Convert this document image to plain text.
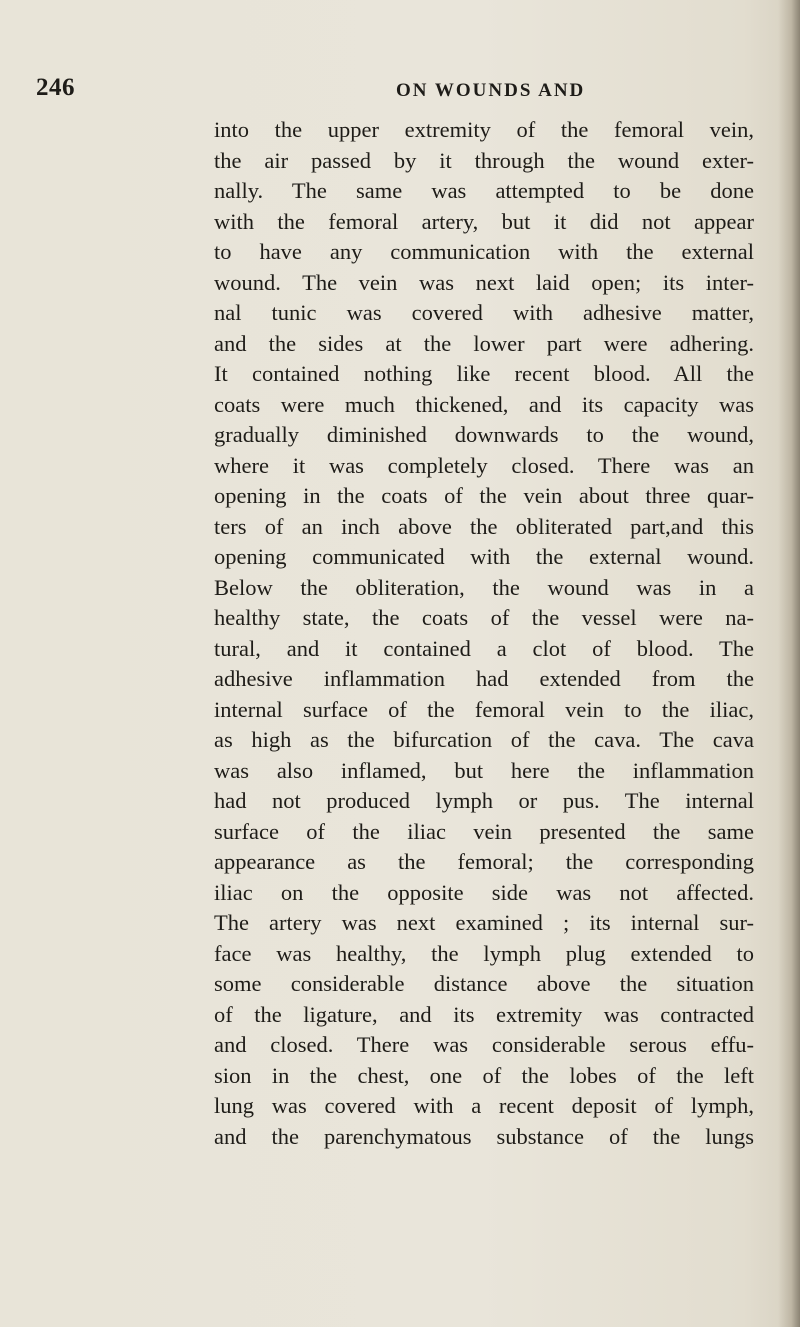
246	ON WOUNDS AND
into the upper extremity of the femoral vein,
the air passed by it through the wound exter-
nally. The same was attempted to be done
with the femoral artery, but it did not appear
to have any communication with the external
wound. The vein was next laid open; its inter-
nal tunic was covered with adhesive matter,
and the sides at the lower part were adhering.
It contained nothing like recent blood. All the
coats were much thickened, and its capacity was
gradually diminished downwards to the wound,
where it was completely closed. There was an
opening in the coats of the vein about three quar-
ters of an inch above the obliterated part,and this
opening communicated with the external wound.
Below the obliteration, the wound was in a
healthy state, the coats of the vessel were na-
tural, and it contained a clot of blood. The
adhesive inflammation had extended from the
internal surface of the femoral vein to the iliac,
as high as the bifurcation of the cava. The cava
was also inflamed, but here the inflammation
had not produced lymph or pus. The internal
surface of the iliac vein presented the same
appearance as the femoral; the corresponding
iliac on the opposite side was not affected.
The artery was next examined ; its internal sur-
face was healthy, the lymph plug extended to
some considerable distance above the situation
of the ligature, and its extremity was contracted
and closed. There was considerable serous effu-
sion in the chest, one of the lobes of the left
lung was covered with a recent deposit of lymph,
and the parenchymatous substance of the lungs
